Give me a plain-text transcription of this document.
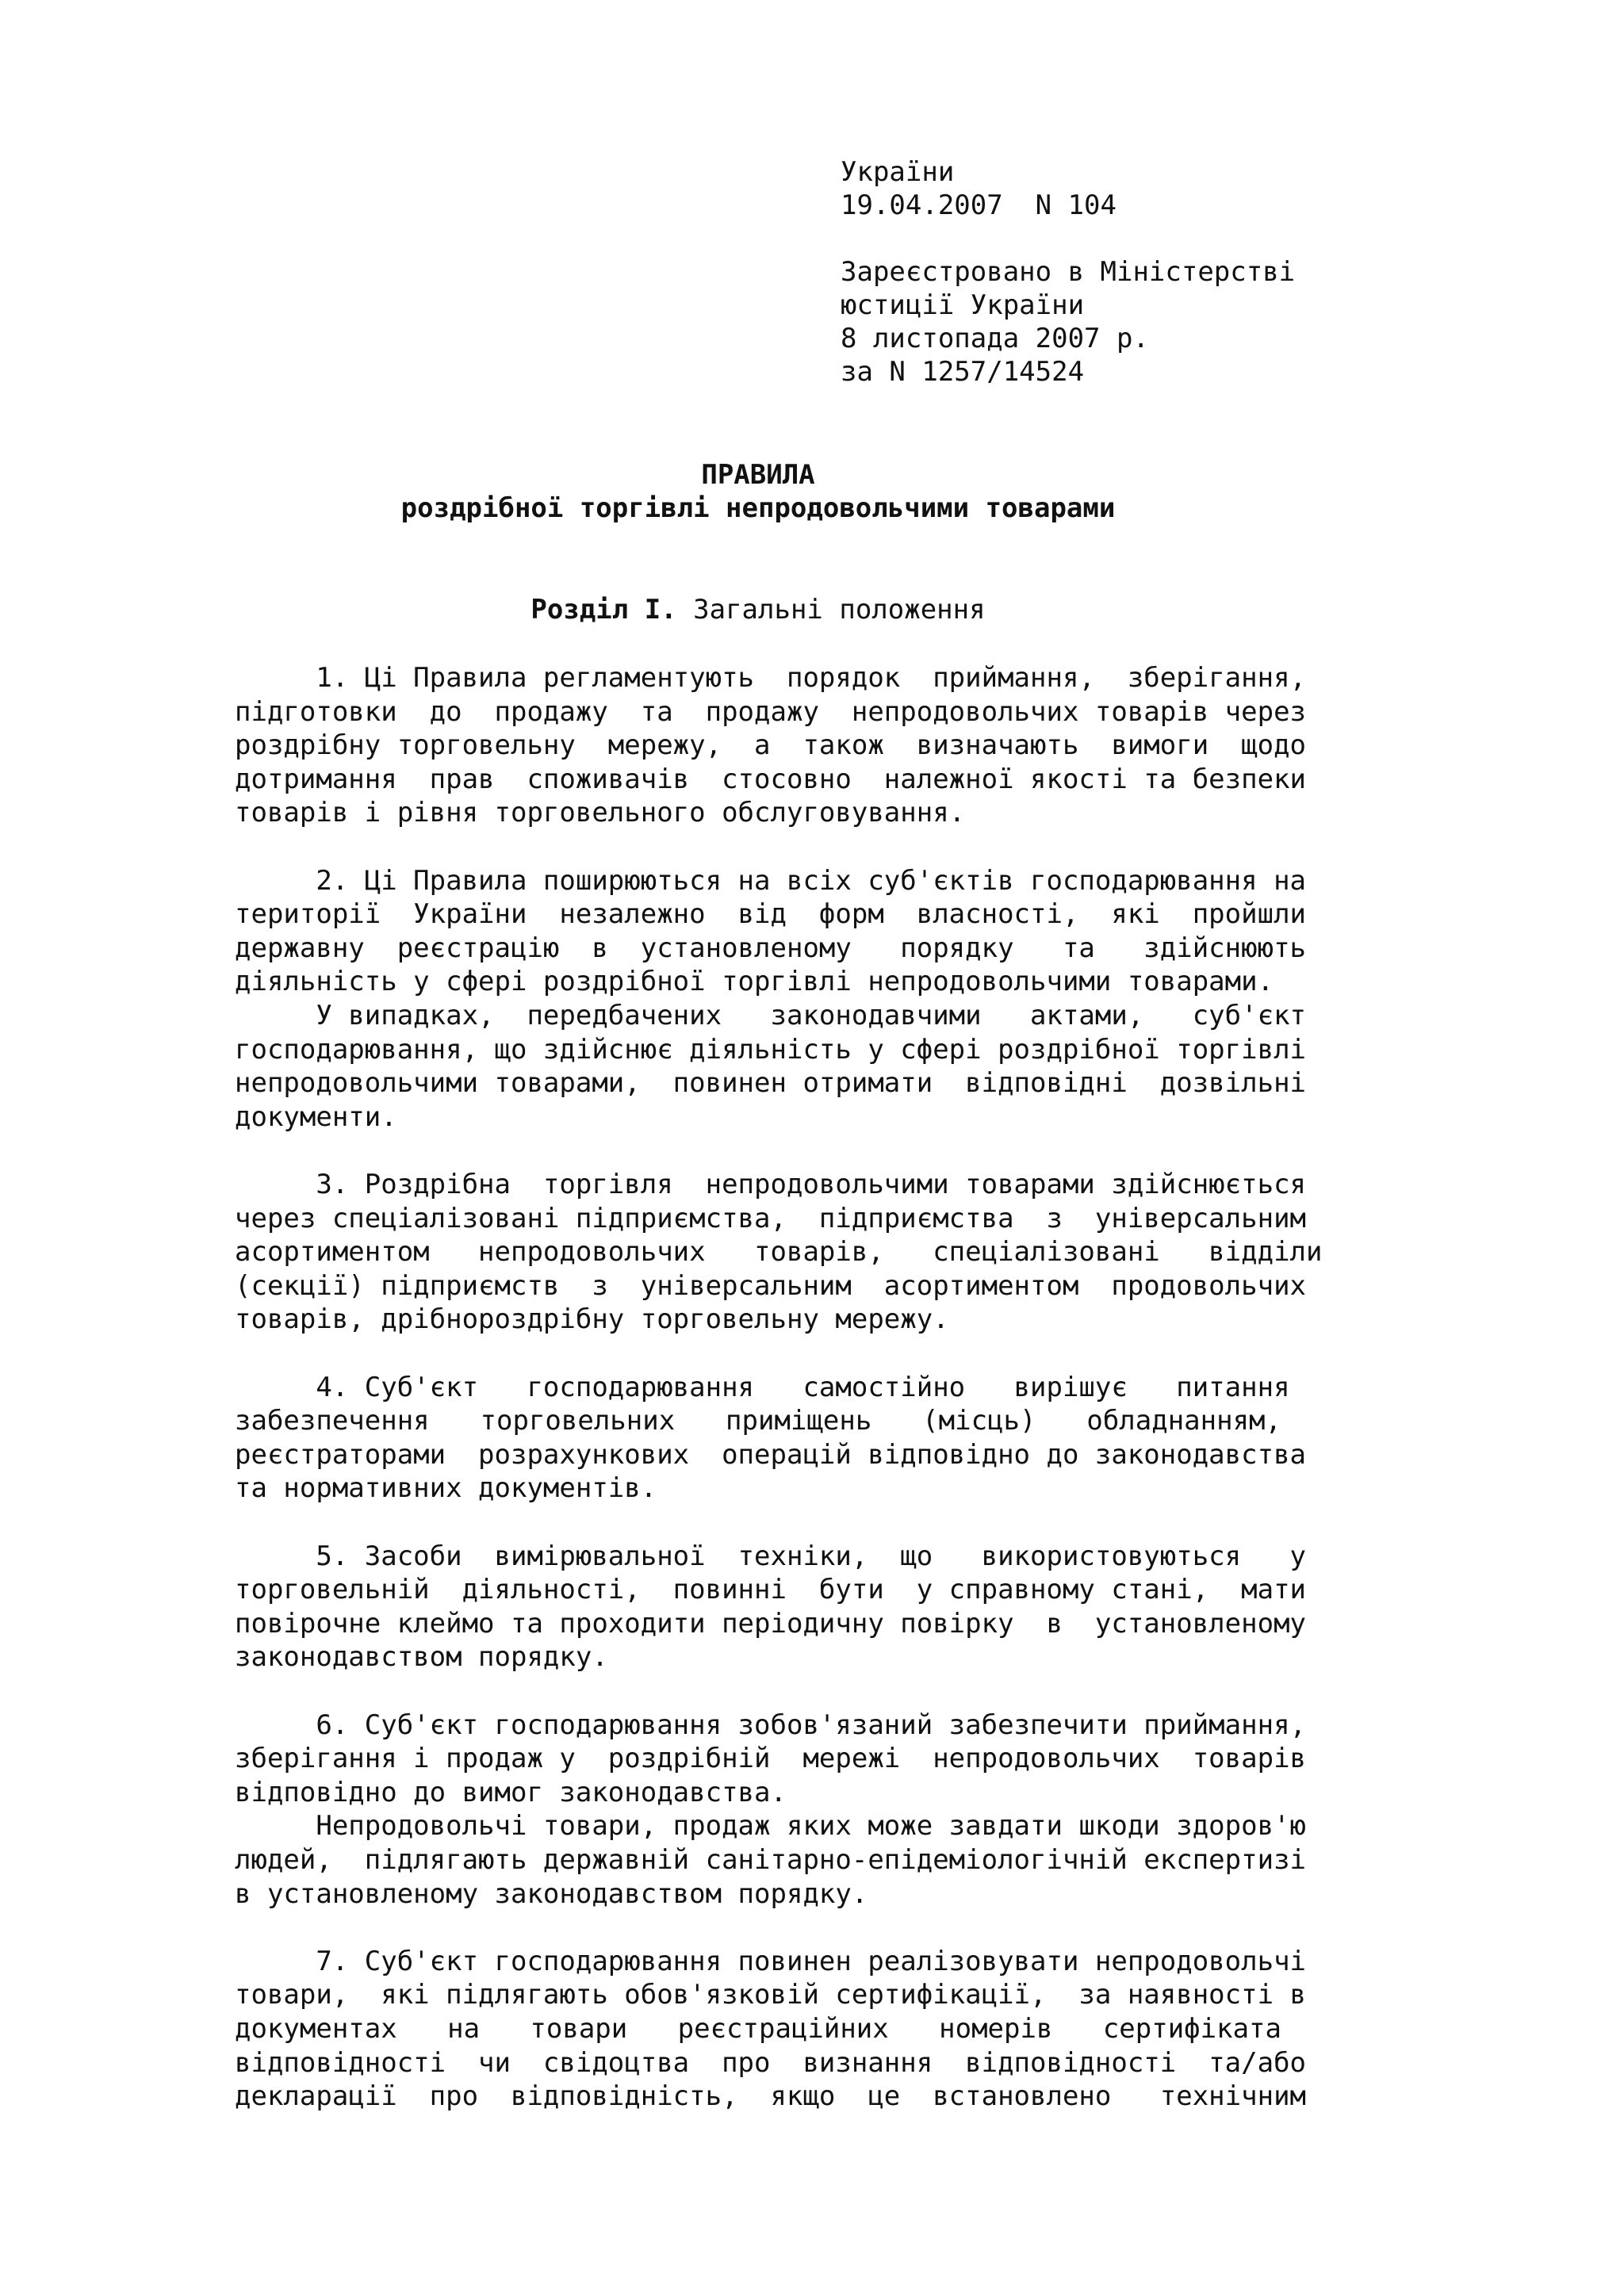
України
19.04.2007  N 104
Зареєстровано в Міністерстві
юстиції України
8 листопада 2007 р.
за N 1257/14524
ПРАВИЛА
роздрібної торгівлі непродовольчими товарами
Розділ I. Загальні положення
1. Ці Правила регламентують  порядок  приймання,  зберігання,
підготовки  до  продажу  та  продажу  непродовольчих товарів через
роздрібну торговельну  мережу,  а  також  визначають  вимоги  щодо
дотримання  прав  споживачів  стосовно  належної якості та безпеки
товарів і рівня торговельного обслуговування.
2. Ці Правила поширюються на всіх суб'єктів господарювання на
території  України  незалежно  від  форм  власності,  які  пройшли
державну  реєстрацію  в  установленому   порядку   та   здійснюють
діяльність у сфері роздрібної торгівлі непродовольчими товарами.
У випадках,  передбачених   законодавчими   актами,   суб'єкт
господарювання, що здійснює діяльність у сфері роздрібної торгівлі
непродовольчими товарами,  повинен отримати  відповідні  дозвільні
документи.
3. Роздрібна  торгівля  непродовольчими товарами здійснюється
через спеціалізовані підприємства,  підприємства  з  універсальним
асортиментом   непродовольчих   товарів,   спеціалізовані   відділи
(секції) підприємств  з  універсальним  асортиментом  продовольчих
товарів, дрібнороздрібну торговельну мережу.
4. Суб'єкт   господарювання   самостійно   вирішує   питання
забезпечення   торговельних   приміщень   (місць)   обладнанням,
реєстраторами  розрахункових  операцій відповідно до законодавства
та нормативних документів.
5. Засоби  вимірювальної  техніки,  що   використовуються   у
торговельній  діяльності,  повинні  бути  у справному стані,  мати
повірочне клеймо та проходити періодичну повірку  в  установленому
законодавством порядку.
6. Суб'єкт господарювання зобов'язаний забезпечити приймання,
зберігання і продаж у  роздрібній  мережі  непродовольчих  товарів
відповідно до вимог законодавства.
Непродовольчі товари, продаж яких може завдати шкоди здоров'ю
людей,  підлягають державній санітарно-епідеміологічній експертизі
в установленому законодавством порядку.
7. Суб'єкт господарювання повинен реалізовувати непродовольчі
товари,  які підлягають обов'язковій сертифікації,  за наявності в
документах   на   товари   реєстраційних   номерів   сертифіката
відповідності  чи  свідоцтва  про  визнання  відповідності  та/або
декларації  про  відповідність,  якщо  це  встановлено   технічним
